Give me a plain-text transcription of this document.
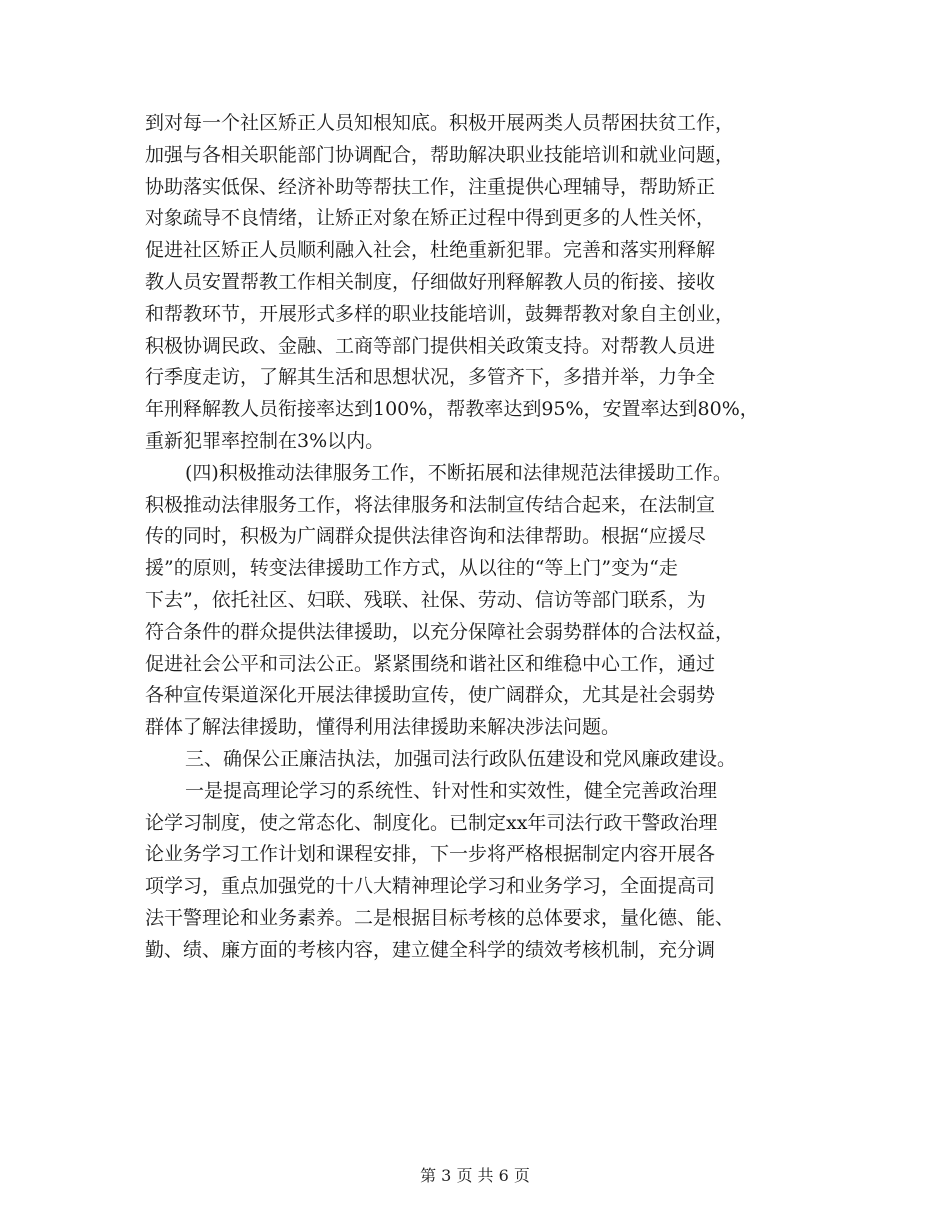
到对每一个社区矫正人员知根知底。积极开展两类人员帮困扶贫工作，
加强与各相关职能部门协调配合，帮助解决职业技能培训和就业问题，
协助落实低保、经济补助等帮扶工作，注重提供心理辅导，帮助矫正
对象疏导不良情绪，让矫正对象在矫正过程中得到更多的人性关怀，
促进社区矫正人员顺利融入社会，杜绝重新犯罪。完善和落实刑释解
教人员安置帮教工作相关制度，仔细做好刑释解教人员的衔接、接收
和帮教环节，开展形式多样的职业技能培训，鼓舞帮教对象自主创业，
积极协调民政、金融、工商等部门提供相关政策支持。对帮教人员进
行季度走访，了解其生活和思想状况，多管齐下，多措并举，力争全
年刑释解教人员衔接率达到100%，帮教率达到95%，安置率达到80%，
重新犯罪率控制在3%以内。
(四)积极推动法律服务工作，不断拓展和法律规范法律援助工作。
积极推动法律服务工作，将法律服务和法制宣传结合起来，在法制宣
传的同时，积极为广阔群众提供法律咨询和法律帮助。根据“应援尽
援”的原则，转变法律援助工作方式，从以往的“等上门”变为“走
下去”，依托社区、妇联、残联、社保、劳动、信访等部门联系，为
符合条件的群众提供法律援助，以充分保障社会弱势群体的合法权益，
促进社会公平和司法公正。紧紧围绕和谐社区和维稳中心工作，通过
各种宣传渠道深化开展法律援助宣传，使广阔群众，尤其是社会弱势
群体了解法律援助，懂得利用法律援助来解决涉法问题。
三、确保公正廉洁执法，加强司法行政队伍建设和党风廉政建设。
一是提高理论学习的系统性、针对性和实效性，健全完善政治理
论学习制度，使之常态化、制度化。已制定xx年司法行政干警政治理
论业务学习工作计划和课程安排，下一步将严格根据制定内容开展各
项学习，重点加强党的十八大精神理论学习和业务学习，全面提高司
法干警理论和业务素养。二是根据目标考核的总体要求，量化德、能、
勤、绩、廉方面的考核内容，建立健全科学的绩效考核机制，充分调
第 3 页 共 6 页
